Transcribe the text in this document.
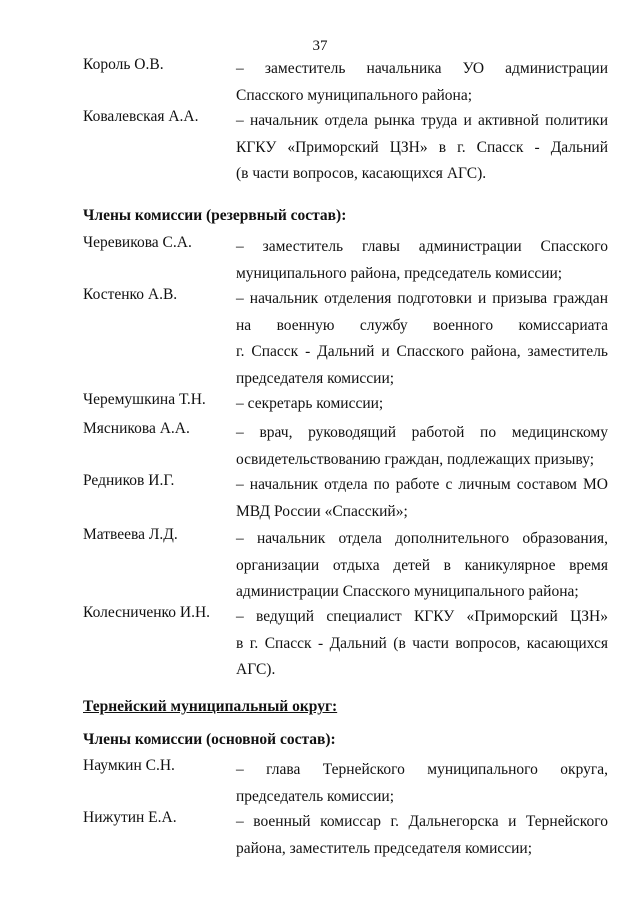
37
Король О.В.	– заместитель начальника УО администрации
Спасского муниципального района;
Ковалевская А.А. – начальник отдела рынка труда и активной политики
КГКУ «Приморский ЦЗН» в г. Спасск - Дальний
(в части вопросов, касающихся АГС).
Члены комиссии (резервный состав):
Черевикова С.А.	– заместитель главы администрации Спасского
муниципального района, председатель комиссии;
Костенко А.В.	– начальник отделения подготовки и призыва граждан
на военную службу военного комиссариата
г. Спасск - Дальний и Спасского района, заместитель
председателя комиссии;
Черемушкина Т.Н. – секретарь комиссии;
Мясникова А.А.	– врач, руководящий работой по медицинскому
освидетельствованию граждан, подлежащих призыву;
Редников И.Г.	– начальник отдела по работе с личным составом МО
МВД России «Спасский»;
Матвеева Л.Д.	– начальник отдела дополнительного образования,
организации отдыха детей в каникулярное время
администрации Спасского муниципального района;
Колесниченко И.Н. – ведущий специалист КГКУ «Приморский ЦЗН»
в г. Спасск - Дальний (в части вопросов, касающихся
АГС).
Тернейский муниципальный округ:
Члены комиссии (основной состав):
Наумкин С.Н.	– глава Тернейского муниципального округа,
председатель комиссии;
Нижутин Е.А.	– военный комиссар г. Дальнегорска и Тернейского
района, заместитель председателя комиссии;
